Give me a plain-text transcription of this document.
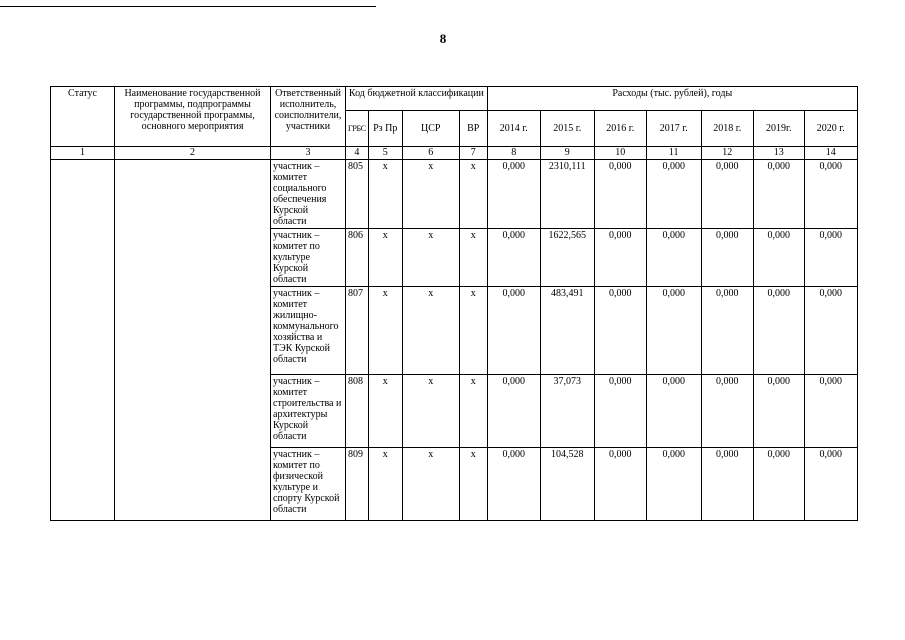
8
Статус	Наименование государственной программы, подпрограммы государственной программы, основного мероприятия	Ответственный исполнитель, соисполнители, участники	Код бюджетной классификации				Расходы (тыс. рублей), годы						
			ГРБС	Рз Пр	ЦСР	ВР	2014 г.	2015 г.	2016 г.	2017 г.	2018 г.	2019г.	2020 г.
1	2	3	4	5	6	7	8	9	10	11	12	13	14
		участник – комитет социального обеспечения Курской области	805	х	х	х	0,000	2310,111	0,000	0,000	0,000	0,000	0,000
		участник – комитет по культуре Курской области	806	х	х	х	0,000	1622,565	0,000	0,000	0,000	0,000	0,000
		участник – комитет жилищно-коммунального хозяйства и ТЭК Курской области	807	х	х	х	0,000	483,491	0,000	0,000	0,000	0,000	0,000
		участник – комитет строительства и архитектуры Курской области	808	х	х	х	0,000	37,073	0,000	0,000	0,000	0,000	0,000
		участник – комитет по физической культуре и спорту Курской области	809	х	х	х	0,000	104,528	0,000	0,000	0,000	0,000	0,000
